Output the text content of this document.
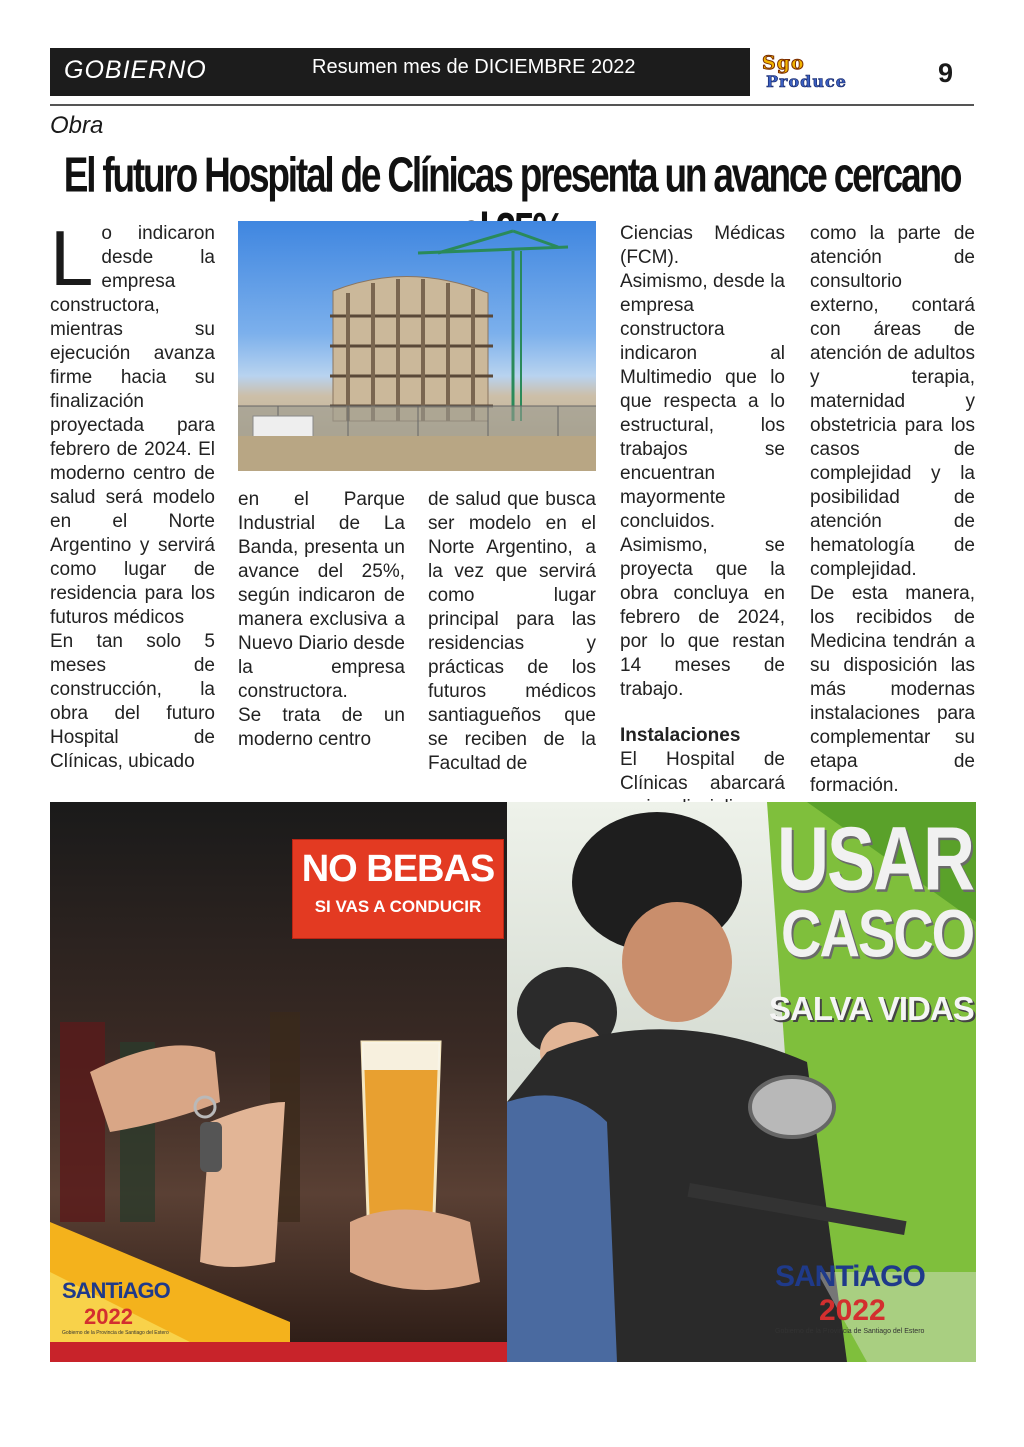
GOBIERNO	Resumen mes de DICIEMBRE 2022	Sgo
Produce	9
Obra
El futuro Hospital de Clínicas presenta un avance cercano

L o indicaron desde la empresa constructora, mientras su ejecución avanza firme hacia su finalización proyectada para febrero de 2024. El moderno centro de salud será modelo en el Norte Argentino y servirá como lugar de residencia para los futuros médicos

En tan solo 5 meses de construcción, la obra del futuro Hospital de Clínicas, ubicado

en el Parque Industrial de La Banda, presenta un avance del 25%, según indicaron de manera exclusiva a Nuevo Diario desde la empresa constructora.

Se trata de un moderno centro

de salud que busca ser modelo en el Norte Argentino, a la vez que servirá como lugar principal para las residencias y prácticas de los futuros médicos santiagueños que se reciben de la Facultad de

Ciencias Médicas (FCM).

Asimismo, desde la empresa constructora indicaron al Multimedio que lo que respecta a lo estructural, los trabajos se encuentran mayormente concluidos. Asimismo, se proyecta que la obra concluya en febrero de 2024, por lo que restan 14 meses de trabajo.

Instalaciones

El Hospital de Clínicas abarcará

como la parte de atención de consultorio externo, contará con áreas de atención de adultos y terapia, maternidad y obstetricia para los casos de complejidad y la posibilidad de atención de hematología de complejidad.

De esta manera, los recibidos de Medicina tendrán a su disposición las más modernas instalaciones para complementar su etapa de formación.

NO BEBAS
SI VAS A CONDUCIR
SANTiAGO
2022
Gobierno de la Provincia de Santiago del Estero
USAR
CASCO
SALVA VIDAS
SANTiAGO
2022
Gobierno de la Provincia de Santiago del Estero
